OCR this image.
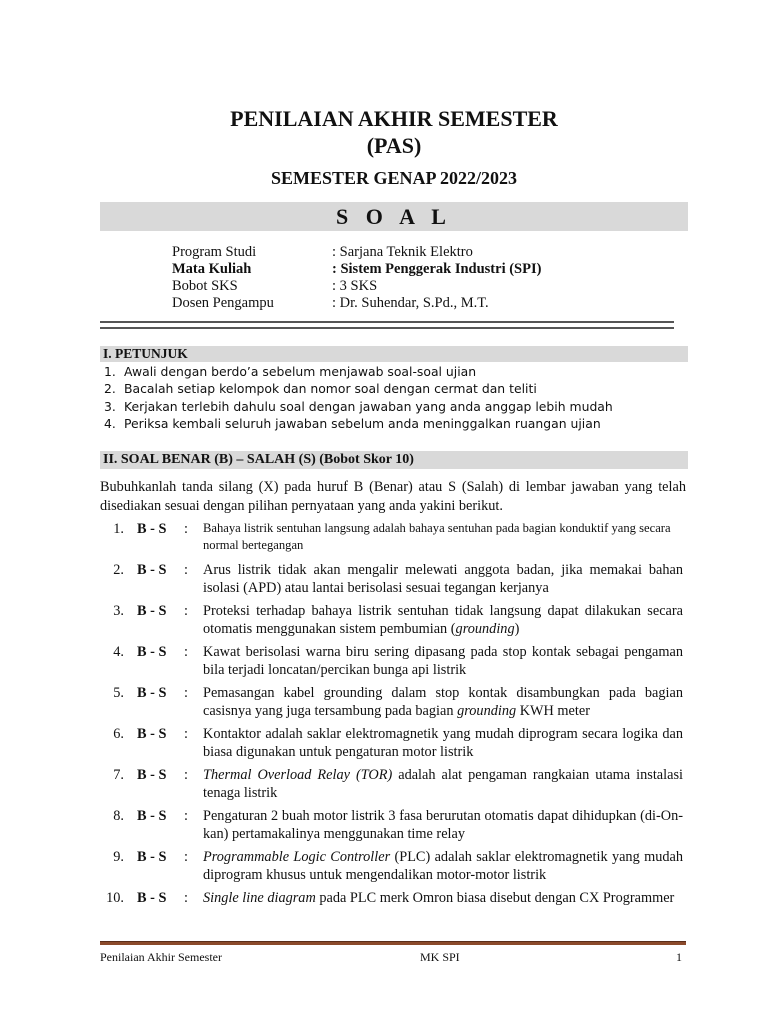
PENILAIAN AKHIR SEMESTER
(PAS)
SEMESTER GENAP 2022/2023
S O A L
Program Studi	: Sarjana Teknik Elektro
Mata Kuliah	: Sistem Penggerak Industri (SPI)
Bobot SKS	: 3 SKS
Dosen Pengampu	: Dr. Suhendar, S.Pd., M.T.
I. PETUNJUK
1. Awali dengan berdo’a sebelum menjawab soal-soal ujian
2. Bacalah setiap kelompok dan nomor soal dengan cermat dan teliti
3. Kerjakan terlebih dahulu soal dengan jawaban yang anda anggap lebih mudah
4. Periksa kembali seluruh jawaban sebelum anda meninggalkan ruangan ujian
II. SOAL BENAR (B) – SALAH (S) (Bobot Skor 10)
Bubuhkanlah tanda silang (X) pada huruf B (Benar) atau S (Salah) di lembar jawaban yang telah disediakan sesuai dengan pilihan pernyataan yang anda yakini berikut.
1. B - S : Bahaya listrik sentuhan langsung adalah bahaya sentuhan pada bagian konduktif yang secara normal bertegangan
2. B - S : Arus listrik tidak akan mengalir melewati anggota badan, jika memakai bahan isolasi (APD) atau lantai berisolasi sesuai tegangan kerjanya
3. B - S : Proteksi terhadap bahaya listrik sentuhan tidak langsung dapat dilakukan secara otomatis menggunakan sistem pembumian (grounding)
4. B - S : Kawat berisolasi warna biru sering dipasang pada stop kontak sebagai pengaman bila terjadi loncatan/percikan bunga api listrik
5. B - S : Pemasangan kabel grounding dalam stop kontak disambungkan pada bagian casisnya yang juga tersambung pada bagian grounding KWH meter
6. B - S : Kontaktor adalah saklar elektromagnetik yang mudah diprogram secara logika dan biasa digunakan untuk pengaturan motor listrik
7. B - S : Thermal Overload Relay (TOR) adalah alat pengaman rangkaian utama instalasi tenaga listrik
8. B - S : Pengaturan 2 buah motor listrik 3 fasa berurutan otomatis dapat dihidupkan (di-On-kan) pertamakalinya menggunakan time relay
9. B - S : Programmable Logic Controller (PLC) adalah saklar elektromagnetik yang mudah diprogram khusus untuk mengendalikan motor-motor listrik
10. B - S : Single line diagram pada PLC merk Omron biasa disebut dengan CX Programmer
Penilaian Akhir Semester	MK SPI	1
